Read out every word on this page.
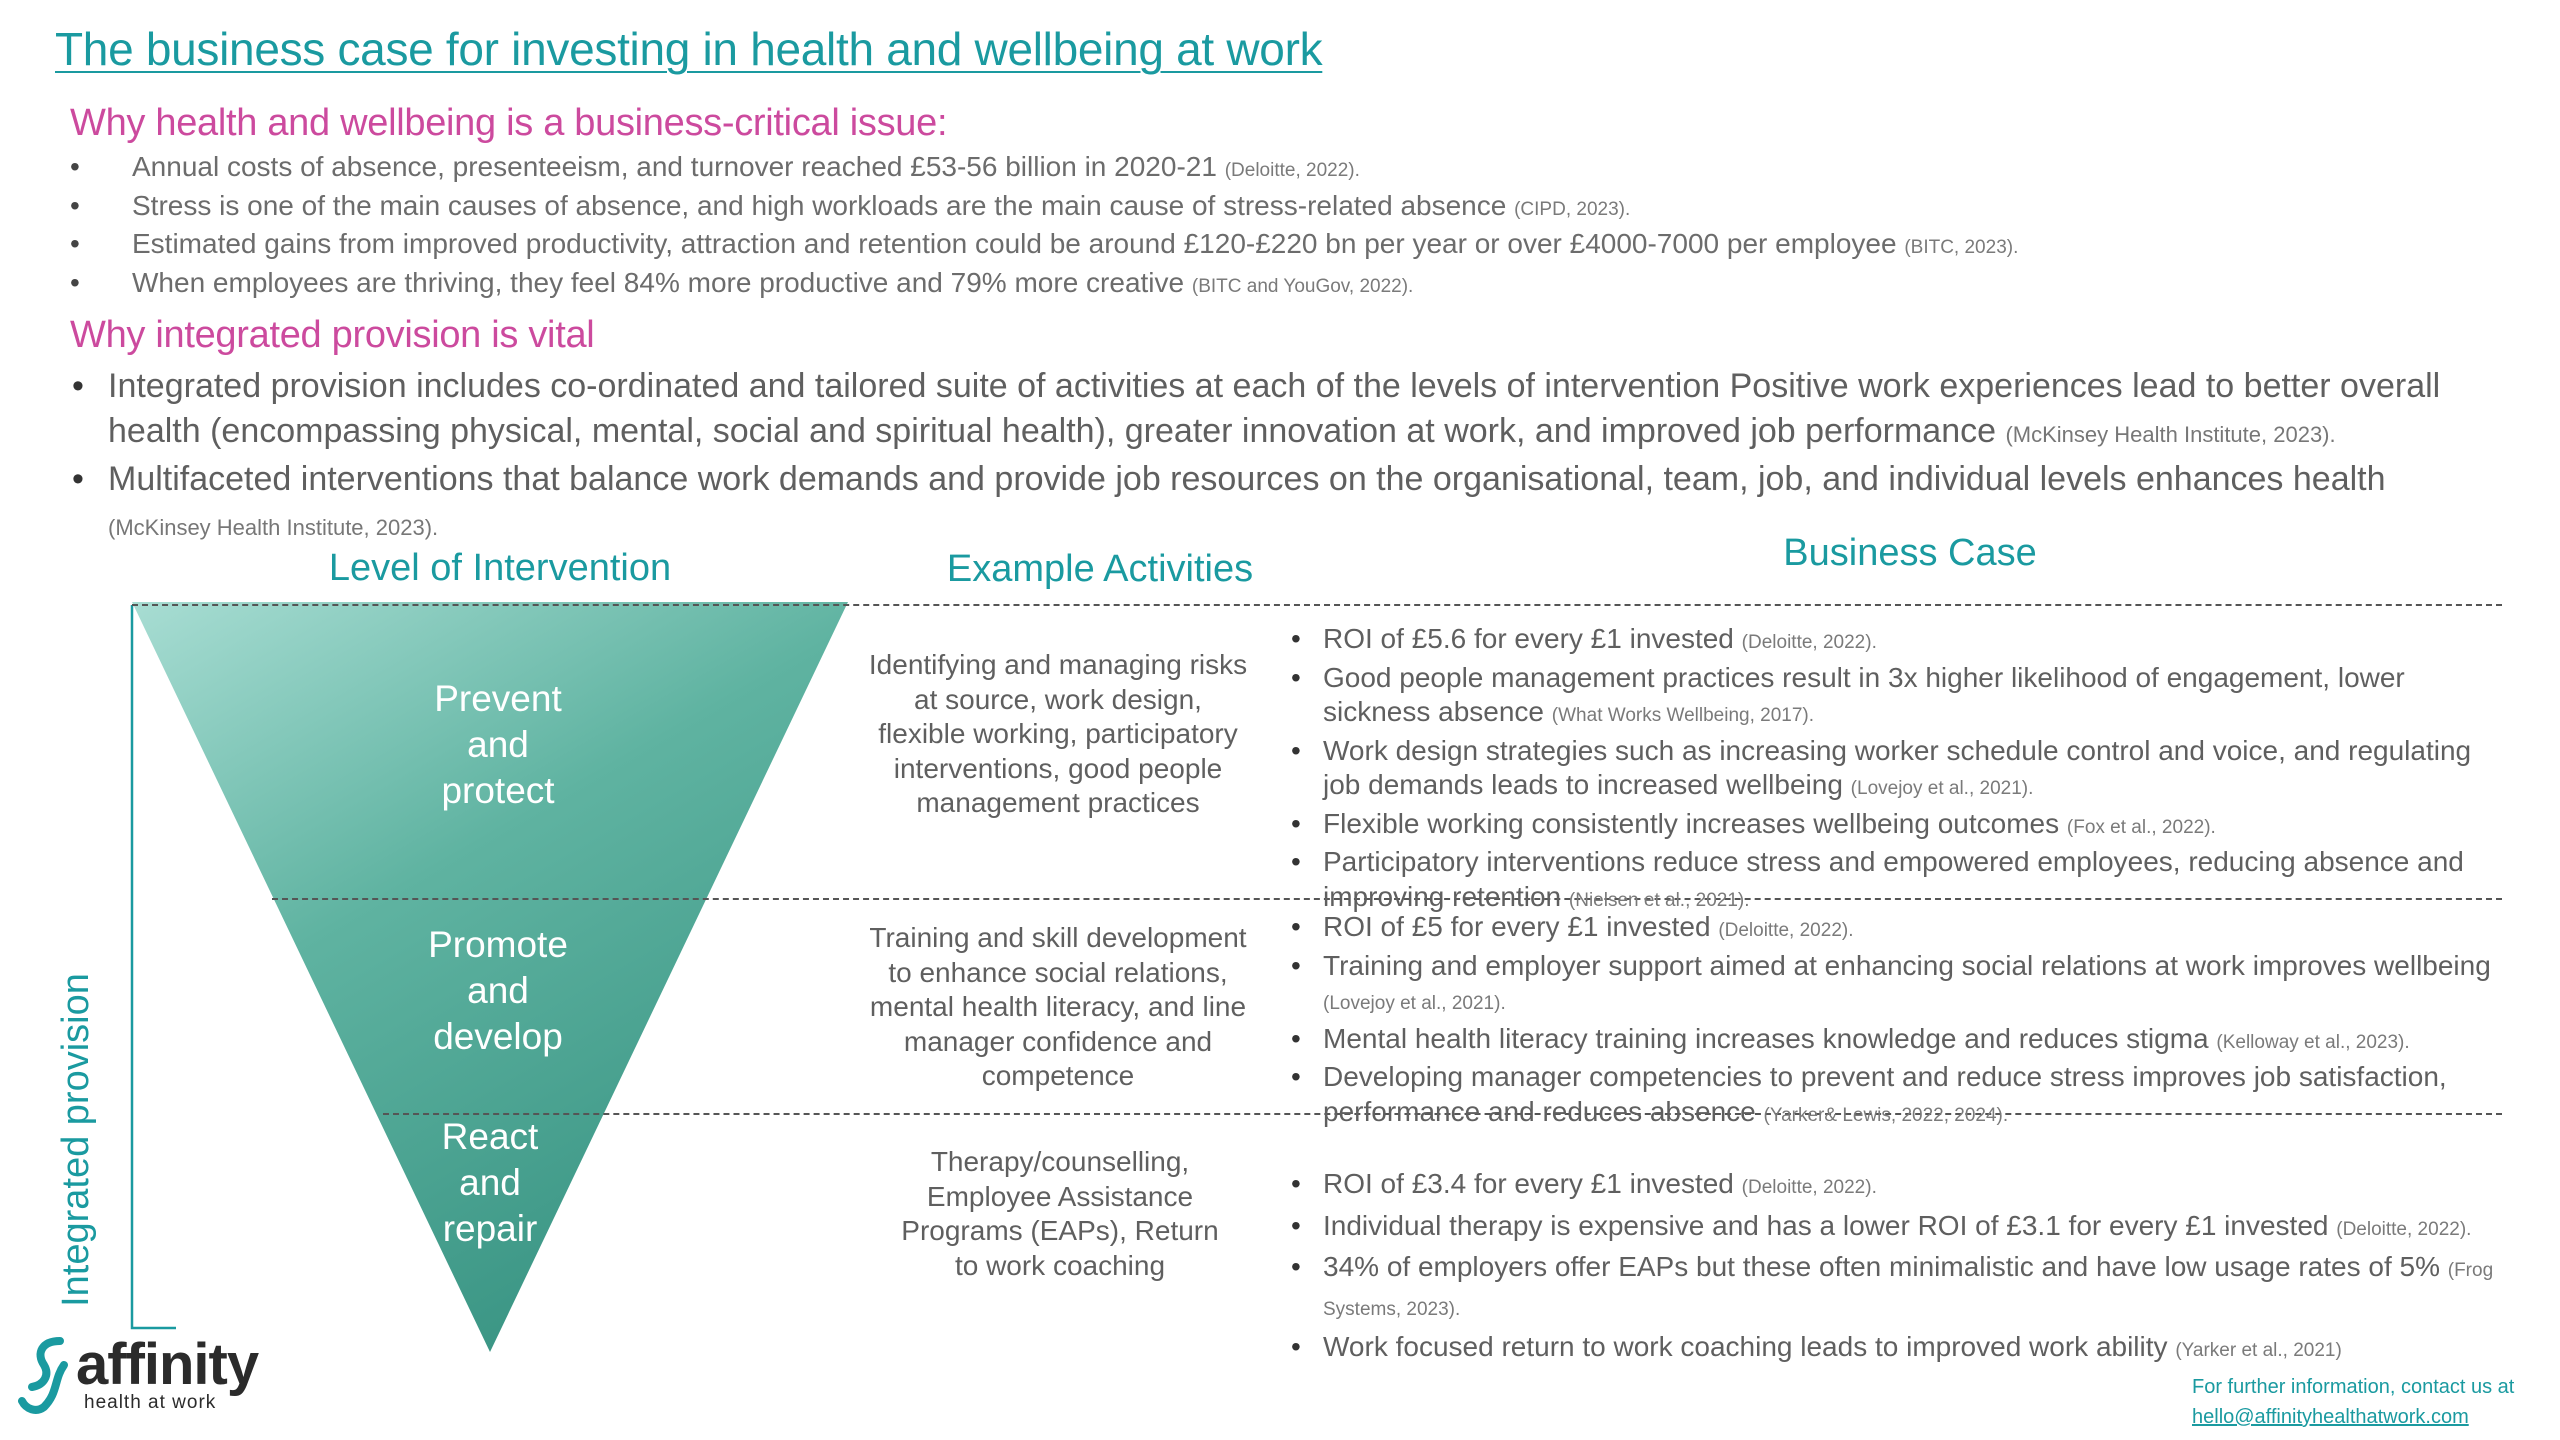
The business case for investing in health and wellbeing at work
Why health and wellbeing is a business-critical issue:
• Annual costs of absence, presenteeism, and turnover reached £53-56 billion in 2020-21 (Deloitte, 2022).
• Stress is one of the main causes of absence, and high workloads are the main cause of stress-related absence (CIPD, 2023).
• Estimated gains from improved productivity, attraction and retention could be around £120-£220 bn per year or over £4000-7000 per employee (BITC, 2023).
• When employees are thriving, they feel 84% more productive and 79% more creative (BITC and YouGov, 2022).
Why integrated provision is vital
• Integrated provision includes co-ordinated and tailored suite of activities at each of the levels of intervention Positive work experiences lead to better overall health (encompassing physical, mental, social and spiritual health), greater innovation at work, and improved job performance (McKinsey Health Institute, 2023).
• Multifaceted interventions that balance work demands and provide job resources on the organisational, team, job, and individual levels enhances health
(McKinsey Health Institute, 2023).
Level of Intervention	Example Activities	Business Case
Integrated provision
Prevent
and
protect
Promote
and
develop
React
and
repair
Identifying and managing risks at source, work design, flexible working, participatory interventions, good people management practices
Training and skill development to enhance social relations, mental health literacy, and line manager confidence and competence
Therapy/counselling, Employee Assistance Programs (EAPs), Return to work coaching
• ROI of £5.6 for every £1 invested (Deloitte, 2022).
• Good people management practices result in 3x higher likelihood of engagement, lower sickness absence (What Works Wellbeing, 2017).
• Work design strategies such as increasing worker schedule control and voice, and regulating job demands leads to increased wellbeing (Lovejoy et al., 2021).
• Flexible working consistently increases wellbeing outcomes (Fox et al., 2022).
• Participatory interventions reduce stress and empowered employees, reducing absence and improving retention (Nielsen et al., 2021).
• ROI of £5 for every £1 invested (Deloitte, 2022).
• Training and employer support aimed at enhancing social relations at work improves wellbeing (Lovejoy et al., 2021).
• Mental health literacy training increases knowledge and reduces stigma (Kelloway et al., 2023).
• Developing manager competencies to prevent and reduce stress improves job satisfaction, performance and reduces absence (Yarker& Lewis, 2022, 2024).
• ROI of £3.4 for every £1 invested (Deloitte, 2022).
• Individual therapy is expensive and has a lower ROI of £3.1 for every £1 invested (Deloitte, 2022).
• 34% of employers offer EAPs but these often minimalistic and have low usage rates of 5% (Frog Systems, 2023).
• Work focused return to work coaching leads to improved work ability (Yarker et al., 2021)
affinity
health at work
For further information, contact us at
hello@affinityhealthatwork.com
